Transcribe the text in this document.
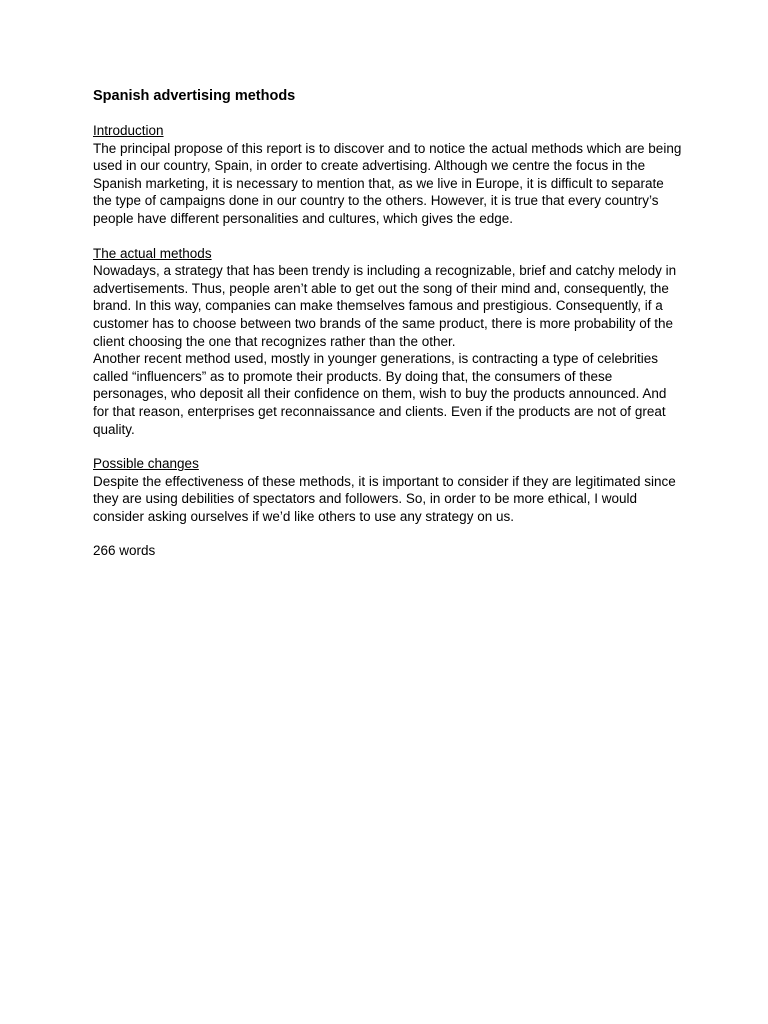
Spanish advertising methods
Introduction

The principal propose of this report is to discover and to notice the actual methods which are being used in our country, Spain, in order to create advertising. Although we centre the focus in the Spanish marketing, it is necessary to mention that, as we live in Europe, it is difficult to separate the type of campaigns done in our country to the others. However, it is true that every country’s people have different personalities and cultures, which gives the edge.

The actual methods

Nowadays, a strategy that has been trendy is including a recognizable, brief and catchy melody in advertisements. Thus, people aren’t able to get out the song of their mind and, consequently, the brand. In this way, companies can make themselves famous and prestigious. Consequently, if a customer has to choose between two brands of the same product, there is more probability of the client choosing the one that recognizes rather than the other.

Another recent method used, mostly in younger generations, is contracting a type of celebrities called “influencers” as to promote their products. By doing that, the consumers of these personages, who deposit all their confidence on them, wish to buy the products announced. And for that reason, enterprises get reconnaissance and clients. Even if the products are not of great quality.

Possible changes

Despite the effectiveness of these methods, it is important to consider if they are legitimated since they are using debilities of spectators and followers. So, in order to be more ethical, I would consider asking ourselves if we’d like others to use any strategy on us.

266 words
